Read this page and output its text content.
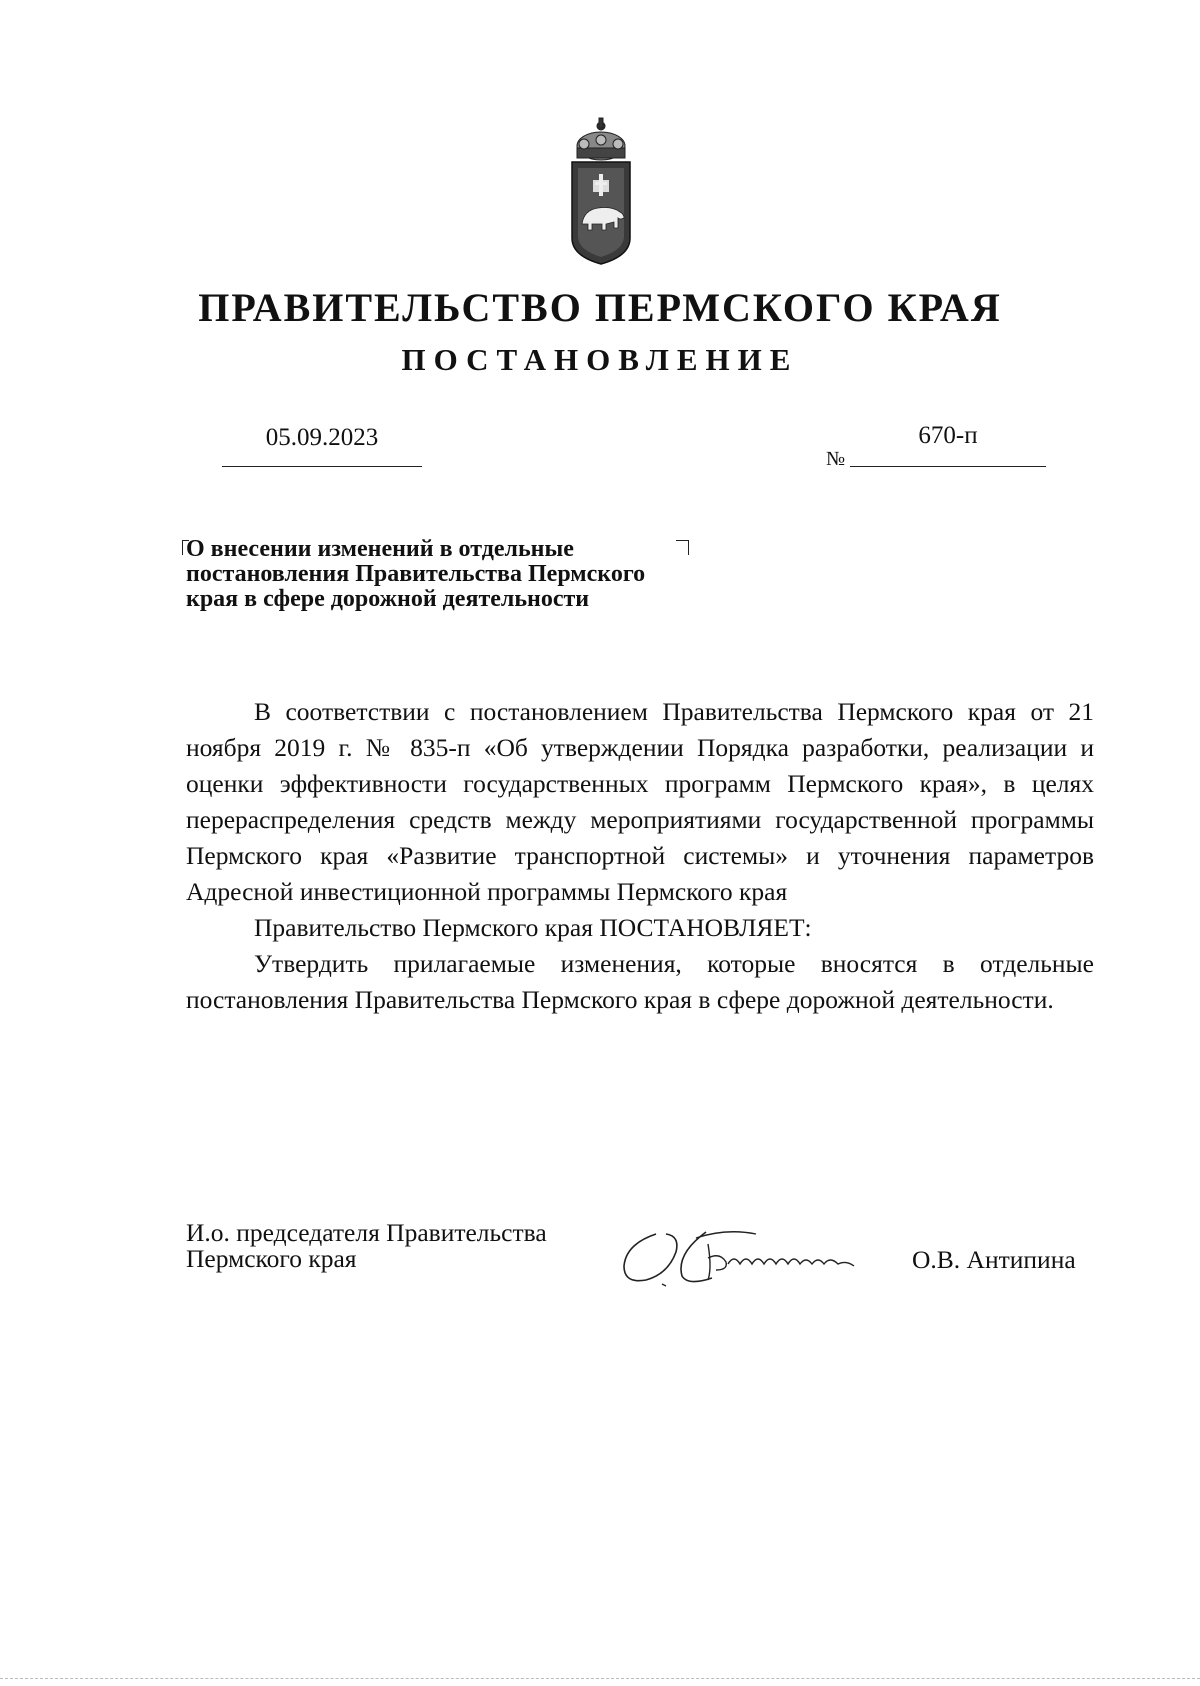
ПРАВИТЕЛЬСТВО ПЕРМСКОГО КРАЯ
ПОСТАНОВЛЕНИЕ
05.09.2023
№
670-п
О внесении изменений в отдельные
постановления Правительства Пермского
края в сфере дорожной деятельности

В соответствии с постановлением Правительства Пермского края от 21 ноября 2019 г. № 835-п «Об утверждении Порядка разработки, реализации и оценки эффективности государственных программ Пермского края», в целях перераспределения средств между мероприятиями государственной программы Пермского края «Развитие транспортной системы» и уточнения параметров Адресной инвестиционной программы Пермского края

Правительство Пермского края ПОСТАНОВЛЯЕТ:

Утвердить прилагаемые изменения, которые вносятся в отдельные постановления Правительства Пермского края в сфере дорожной деятельности.

И.о. председателя Правительства
Пермского края	О.В. Антипина
